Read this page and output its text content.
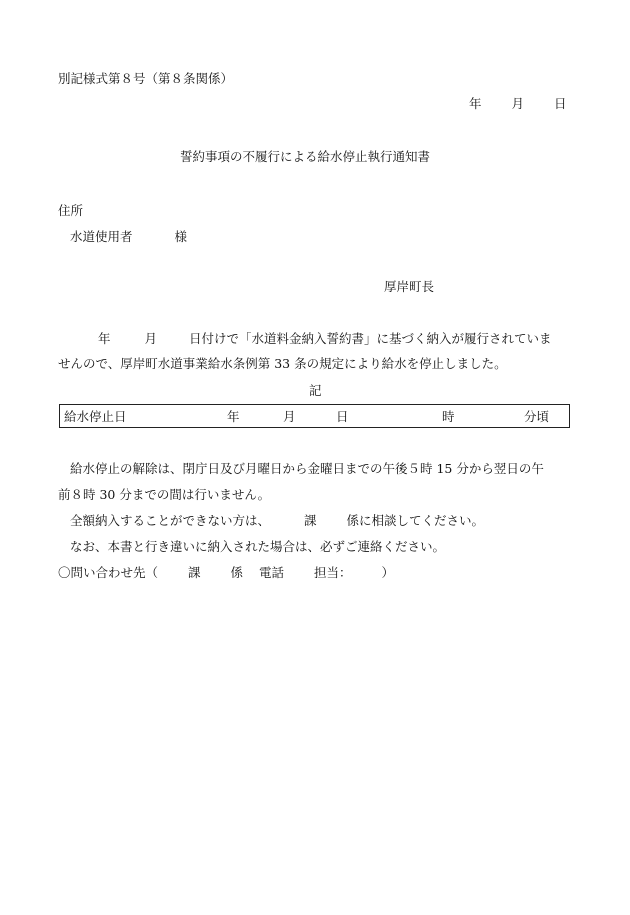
別記様式第８号（第８条関係）
年 月 日
誓約事項の不履行による給水停止執行通知書
住所
水道使用者	様
厚岸町長
年	月	日付けで「水道料金納入誓約書」に基づく納入が履行されていま
せんので、厚岸町水道事業給水条例第 33 条の規定により給水を停止しました。
記
給水停止日	年	月	日	時	分頃
給水停止の解除は、閉庁日及び月曜日から金曜日までの午後５時 15 分から翌日の午
前８時 30 分までの間は行いません。
全額納入することができない方は、	課 係に相談してください。
なお、本書と行き違いに納入された場合は、必ずご連絡ください。
〇問い合わせ先（ 課 係 電話 担当： ）
